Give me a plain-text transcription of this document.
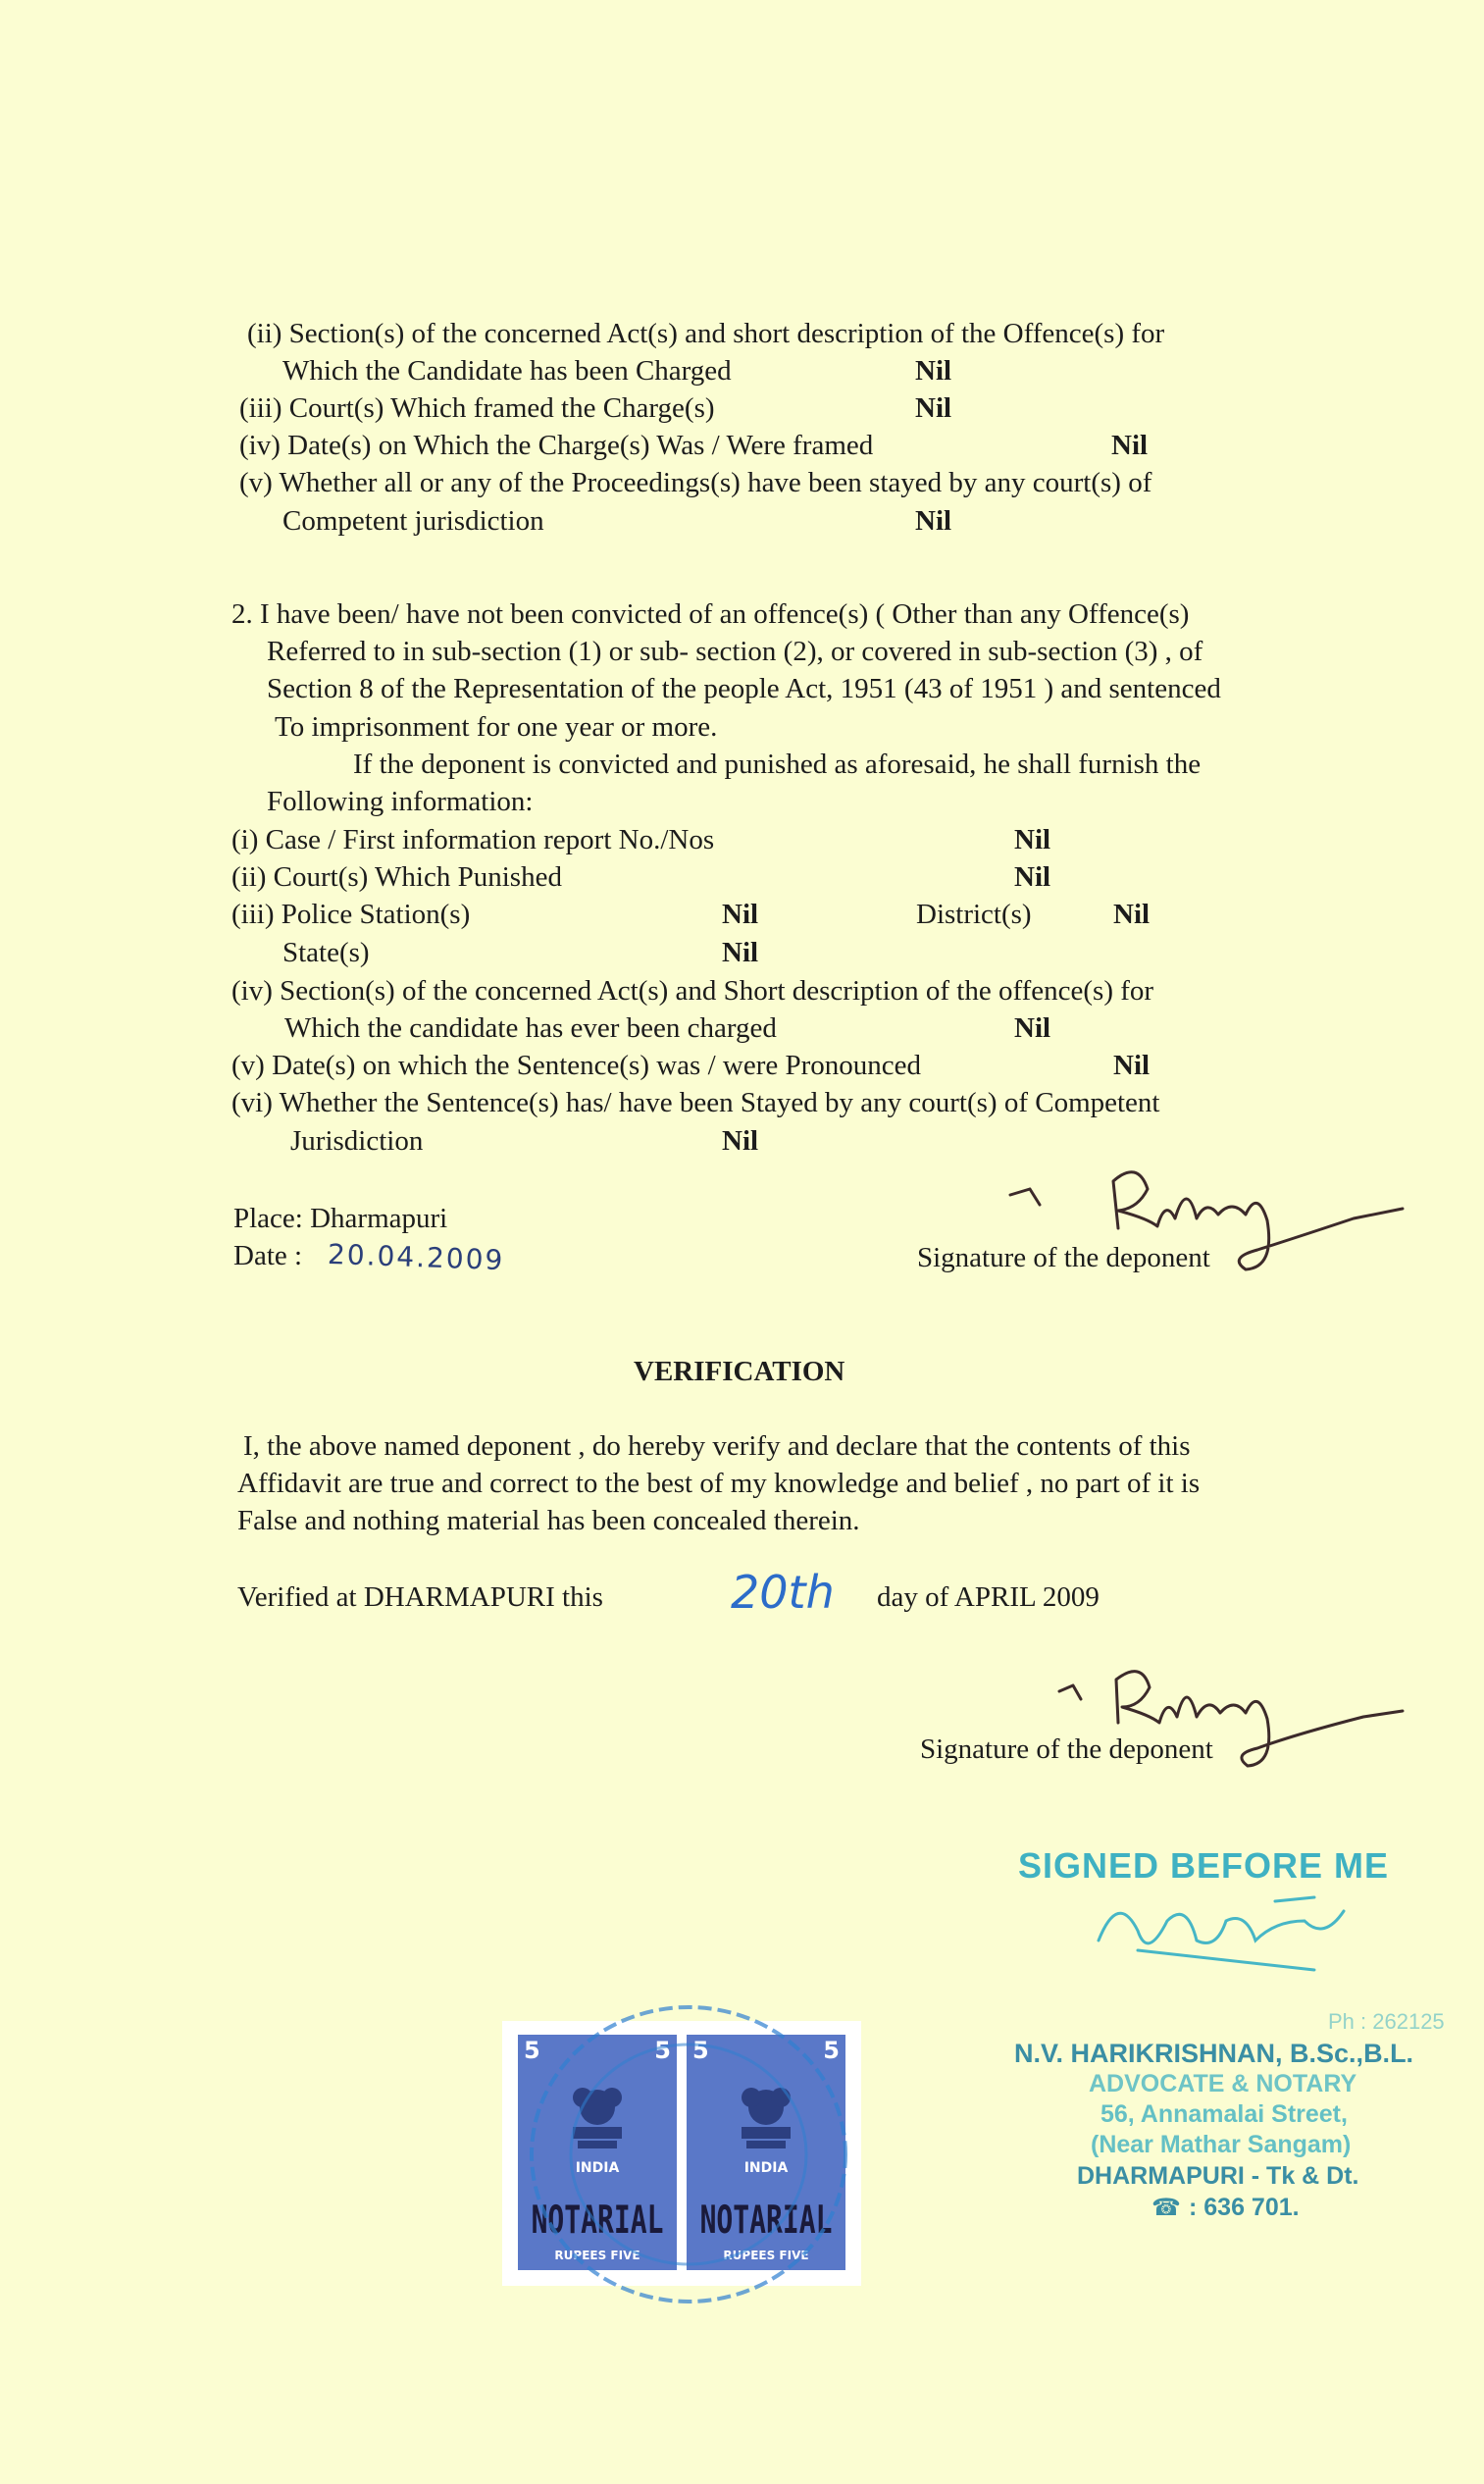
(ii) Section(s) of the concerned Act(s) and short description of the Offence(s) for
Which the Candidate has been Charged	Nil
(iii) Court(s) Which framed the Charge(s)	Nil
(iv) Date(s) on Which the Charge(s) Was / Were framed	Nil
(v) Whether all or any of the Proceedings(s) have been stayed by any court(s) of
Competent jurisdiction	Nil
2. I have been/ have not been convicted of an offence(s) ( Other than any Offence(s)
Referred to in sub-section (1) or sub- section (2), or covered in sub-section (3) , of
Section 8 of the Representation of the people Act, 1951 (43 of 1951 ) and sentenced
To imprisonment for one year or more.
If the deponent is convicted and punished as aforesaid, he shall furnish the
Following information:
(i) Case / First information report No./Nos	Nil
(ii) Court(s) Which Punished	Nil
(iii) Police Station(s)	Nil	District(s)	Nil
State(s)	Nil
(iv) Section(s) of the concerned Act(s) and Short description of the offence(s) for
Which the candidate has ever been charged	Nil
(v) Date(s) on which the Sentence(s) was / were Pronounced	Nil
(vi) Whether the Sentence(s) has/ have been Stayed by any court(s) of Competent
Jurisdiction	Nil
Place: Dharmapuri
Date : 20.04.2009	Signature of the deponent
VERIFICATION
I, the above named deponent , do hereby verify and declare that the contents of this
Affidavit are true and correct to the best of my knowledge and belief , no part of it is
False and nothing material has been concealed therein.
Verified at DHARMAPURI this	20th day of APRIL 2009
Signature of the deponent
SIGNED BEFORE ME
Ph : 262125
N.V. HARIKRISHNAN, B.Sc.,B.L.
ADVOCATE & NOTARY
56, Annamalai Street,
(Near Mathar Sangam)
DHARMAPURI - Tk & Dt.
☎ : 636 701.
5	5
INDIA
NOTARIAL
RUPEES FIVE
5	5
INDIA
NOTARIAL
RUPEES FIVE
